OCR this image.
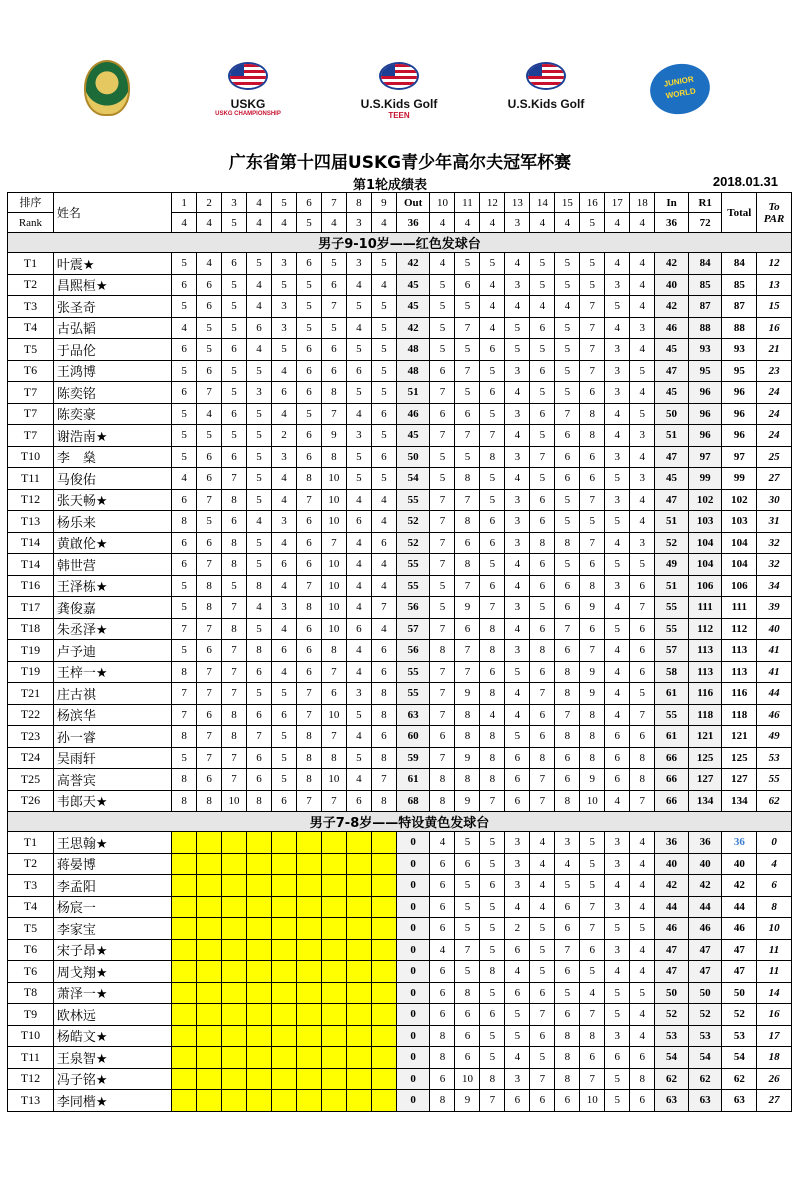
USKG
USKG CHAMPIONSHIP
U.S.Kids Golf
TEEN
U.S.Kids Golf
JUNIOR WORLD
广东省第十四届USKG青少年高尔夫冠军杯赛
第1轮成绩表	2018.01.31
排序	姓名	1	2	3	4	5	6	7	8	9	Out	10	11	12	13	14	15	16	17	18	In	R1	Total	To
PAR

Rank		4	4	5	4	4	5	4	3	4	36	4	4	4	3	4	4	5	4	4	36	72		
男子9-10岁——红色发球台																								
T1	叶震★	5	4	6	5	3	6	5	3	5	42	4	5	5	4	5	5	5	4	4	42	84	84	12
T2	昌熙桓★	6	6	5	4	5	5	6	4	4	45	5	6	4	3	5	5	5	3	4	40	85	85	13
T3	张圣奇	5	6	5	4	3	5	7	5	5	45	5	5	4	4	4	4	7	5	4	42	87	87	15
T4	古弘韬	4	5	5	6	3	5	5	4	5	42	5	7	4	5	6	5	7	4	3	46	88	88	16
T5	于品伦	6	5	6	4	5	6	6	5	5	48	5	5	6	5	5	5	7	3	4	45	93	93	21
T6	王鸿博	5	6	5	5	4	6	6	6	5	48	6	7	5	3	6	5	7	3	5	47	95	95	23
T7	陈奕铭	6	7	5	3	6	6	8	5	5	51	7	5	6	4	5	5	6	3	4	45	96	96	24
T7	陈奕豪	5	4	6	5	4	5	7	4	6	46	6	6	5	3	6	7	8	4	5	50	96	96	24
T7	谢浩南★	5	5	5	5	2	6	9	3	5	45	7	7	7	4	5	6	8	4	3	51	96	96	24
T10	李　燊	5	6	6	5	3	6	8	5	6	50	5	5	8	3	7	6	6	3	4	47	97	97	25
T11	马俊佑	4	6	7	5	4	8	10	5	5	54	5	8	5	4	5	6	6	5	3	45	99	99	27
T12	张天畅★	6	7	8	5	4	7	10	4	4	55	7	7	5	3	6	5	7	3	4	47	102	102	30
T13	杨乐来	8	5	6	4	3	6	10	6	4	52	7	8	6	3	6	5	5	5	4	51	103	103	31
T14	黄啟伦★	6	6	8	5	4	6	7	4	6	52	7	6	6	3	8	8	7	4	3	52	104	104	32
T14	韩世营	6	7	8	5	6	6	10	4	4	55	7	8	5	4	6	5	6	5	5	49	104	104	32
T16	王泽栋★	5	8	5	8	4	7	10	4	4	55	5	7	6	4	6	6	8	3	6	51	106	106	34
T17	龚俊嘉	5	8	7	4	3	8	10	4	7	56	5	9	7	3	5	6	9	4	7	55	111	111	39
T18	朱丞泽★	7	7	8	5	4	6	10	6	4	57	7	6	8	4	6	7	6	5	6	55	112	112	40
T19	卢予迪	5	6	7	8	6	6	8	4	6	56	8	7	8	3	8	6	7	4	6	57	113	113	41
T19	王梓一★	8	7	7	6	4	6	7	4	6	55	7	7	6	5	6	8	9	4	6	58	113	113	41
T21	庄古祺	7	7	7	5	5	7	6	3	8	55	7	9	8	4	7	8	9	4	5	61	116	116	44
T22	杨滨华	7	6	8	6	6	7	10	5	8	63	7	8	4	4	6	7	8	4	7	55	118	118	46
T23	孙一睿	8	7	8	7	5	8	7	4	6	60	6	8	8	5	6	8	8	6	6	61	121	121	49
T24	吴雨轩	5	7	7	6	5	8	8	5	8	59	7	9	8	6	8	6	8	6	8	66	125	125	53
T25	高誉宾	8	6	7	6	5	8	10	4	7	61	8	8	8	6	7	6	9	6	8	66	127	127	55
T26	韦郎天★	8	8	10	8	6	7	7	6	8	68	8	9	7	6	7	8	10	4	7	66	134	134	62
男子7-8岁——特设黄色发球台																								
T1	王思翰★										0	4	5	5	3	4	3	5	3	4	36	36	36	0
T2	蒋晏博										0	6	6	5	3	4	4	5	3	4	40	40	40	4
T3	李孟阳										0	6	5	6	3	4	5	5	4	4	42	42	42	6
T4	杨宸一										0	6	5	5	4	4	6	7	3	4	44	44	44	8
T5	李家宝										0	6	5	5	2	5	6	7	5	5	46	46	46	10
T6	宋子昂★										0	4	7	5	6	5	7	6	3	4	47	47	47	11
T6	周戈翔★										0	6	5	8	4	5	6	5	4	4	47	47	47	11
T8	萧泽一★										0	6	8	5	6	6	5	4	5	5	50	50	50	14
T9	欧林远										0	6	6	6	5	7	6	7	5	4	52	52	52	16
T10	杨皓文★										0	8	6	5	5	6	8	8	3	4	53	53	53	17
T11	王泉智★										0	8	6	5	4	5	8	6	6	6	54	54	54	18
T12	冯子铭★										0	6	10	8	3	7	8	7	5	8	62	62	62	26
T13	李同楷★										0	8	9	7	6	6	6	10	5	6	63	63	63	27
